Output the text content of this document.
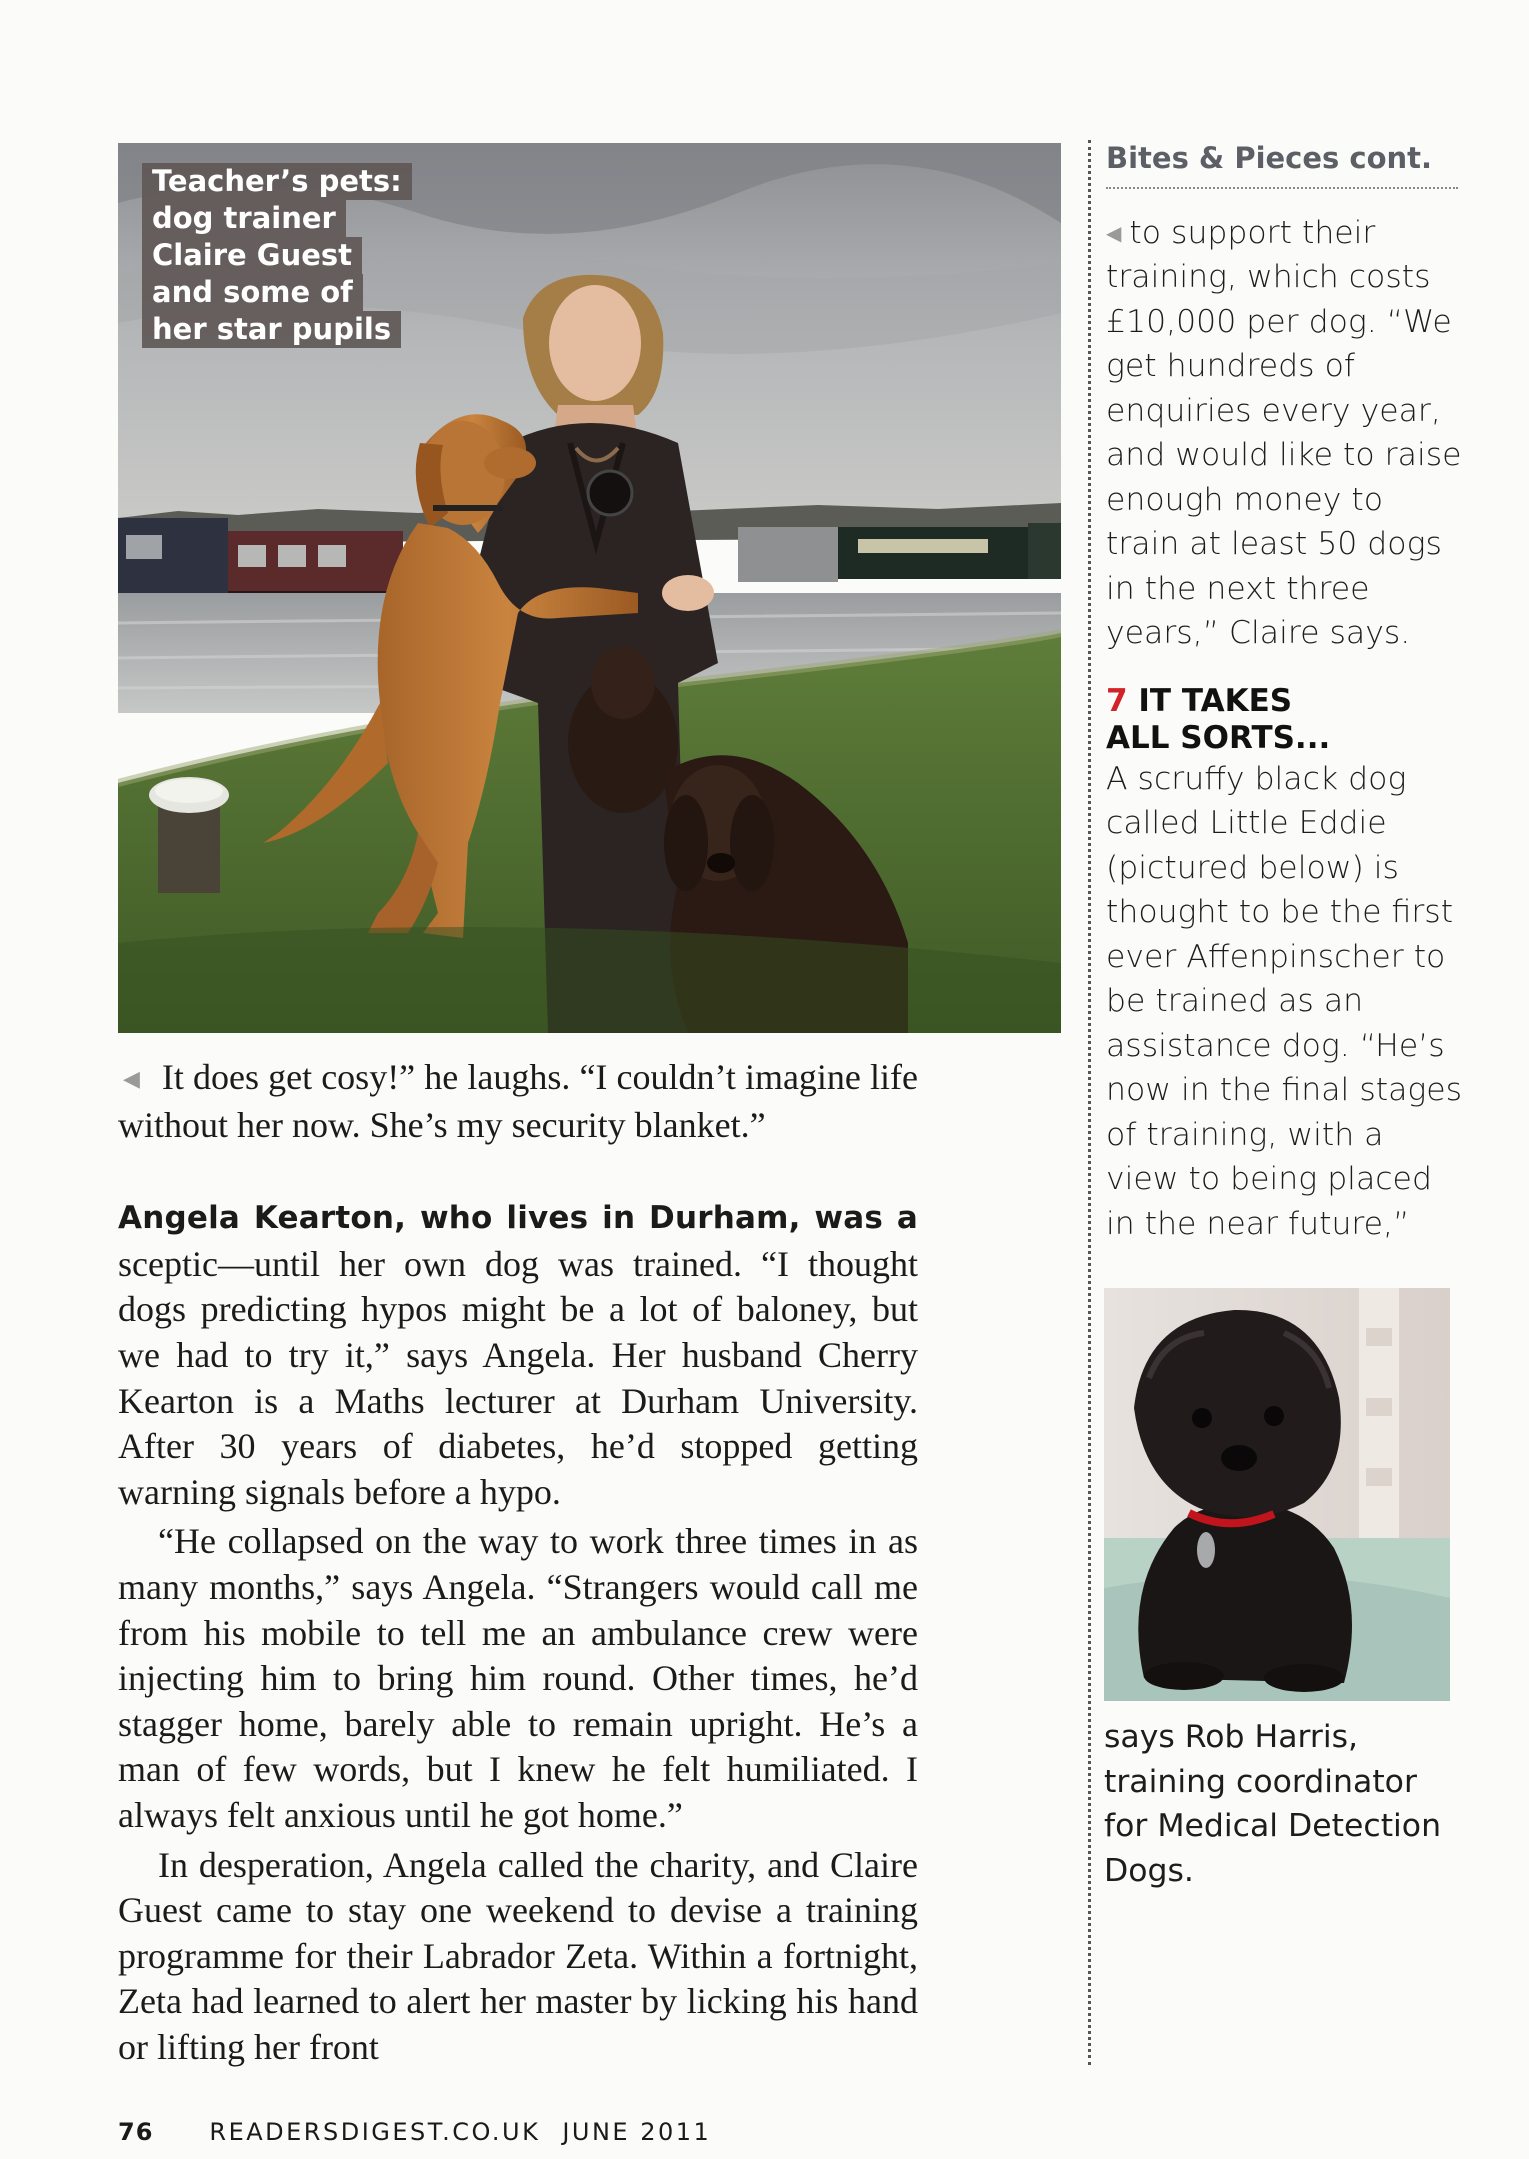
Teacher’s pets:
dog trainer
Claire Guest
and some of
her star pupils

◀ It does get cosy!” he laughs. “I couldn’t imagine life without her now. She’s my security blanket.”

Angela Kearton, who lives in Durham, was a sceptic—until her own dog was trained. “I thought dogs predicting hypos might be a lot of baloney, but we had to try it,” says Angela. Her husband Cherry Kearton is a Maths lecturer at Durham University. After 30 years of diabetes, he’d stopped getting warning signals before a hypo.

“He collapsed on the way to work three times in as many months,” says Angela. “Strangers would call me from his mobile to tell me an ambulance crew were injecting him to bring him round. Other times, he’d stagger home, barely able to remain upright. He’s a man of few words, but I knew he felt humiliated. I always felt anxious until he got home.”

In desperation, Angela called the charity, and Claire Guest came to stay one weekend to devise a training programme for their Labrador Zeta. Within a fortnight, Zeta had learned to alert her master by licking his hand or lifting her front

Bites & Pieces cont.

◀ to support their training, which costs £10,000 per dog. “We get hundreds of enquiries every year, and would like to raise enough money to train at least 50 dogs in the next three years,” Claire says.

7 IT TAKES
ALL SORTS...

A scruffy black dog called Little Eddie (pictured below) is thought to be the first ever Affenpinscher to be trained as an assistance dog. “He’s now in the final stages of training, with a view to being placed in the near future,”

says Rob Harris, training coordinator for Medical Detection Dogs.

76 READERSDIGEST.CO.UK JUNE 2011
